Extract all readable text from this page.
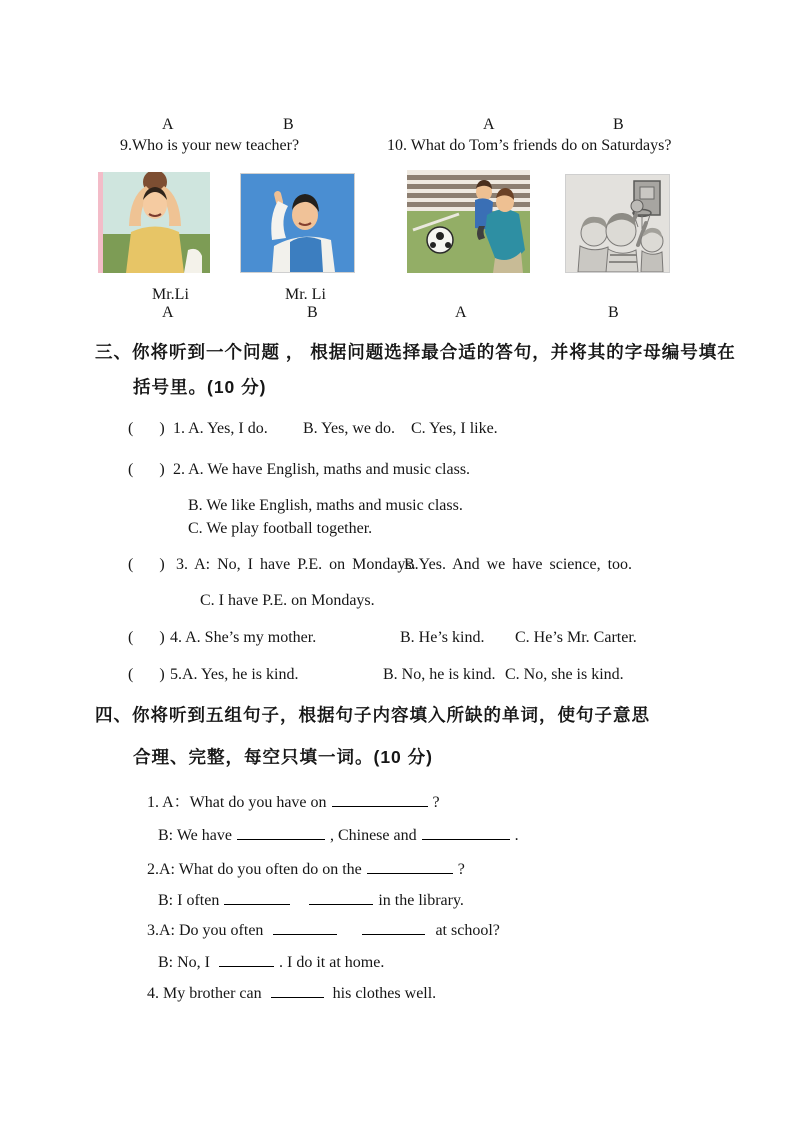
A	B	A	B
9.Who is your new teacher?	10. What do Tom’s friends do on Saturdays?
Mr.Li	Mr. Li
A	B	A	B
三、你将听到一个问题 ， 根据问题选择最合适的答句，并将其的字母编号填在
括号里。(10 分)
( ) 1. A. Yes, I do. B. Yes, we do. C. Yes, I like.
( ) 2. A. We have English, maths and music class.
B. We like English, maths and music class.
C. We play football together.
( ) 3. A: No, I have P.E. on Mondays.
B.Yes. And we have science, too.
C. I have P.E. on Mondays.
( ) 4. A. She’s my mother.	B. He’s kind. C. He’s Mr. Carter.
( ) 5.A. Yes, he is kind.	B. No, he is kind. C. No, she is kind.
四、你将听到五组句子，根据句子内容填入所缺的单词，使句子意思
合理、完整，每空只填一词。(10 分)
1. A：What do you have on	?
B: We have	, Chinese and	.
2.A: What do you often do on the	?
B: I often	in the library.
3.A: Do you often	at school?
B: No, I	. I do it at home.
4. My brother can	his clothes well.
